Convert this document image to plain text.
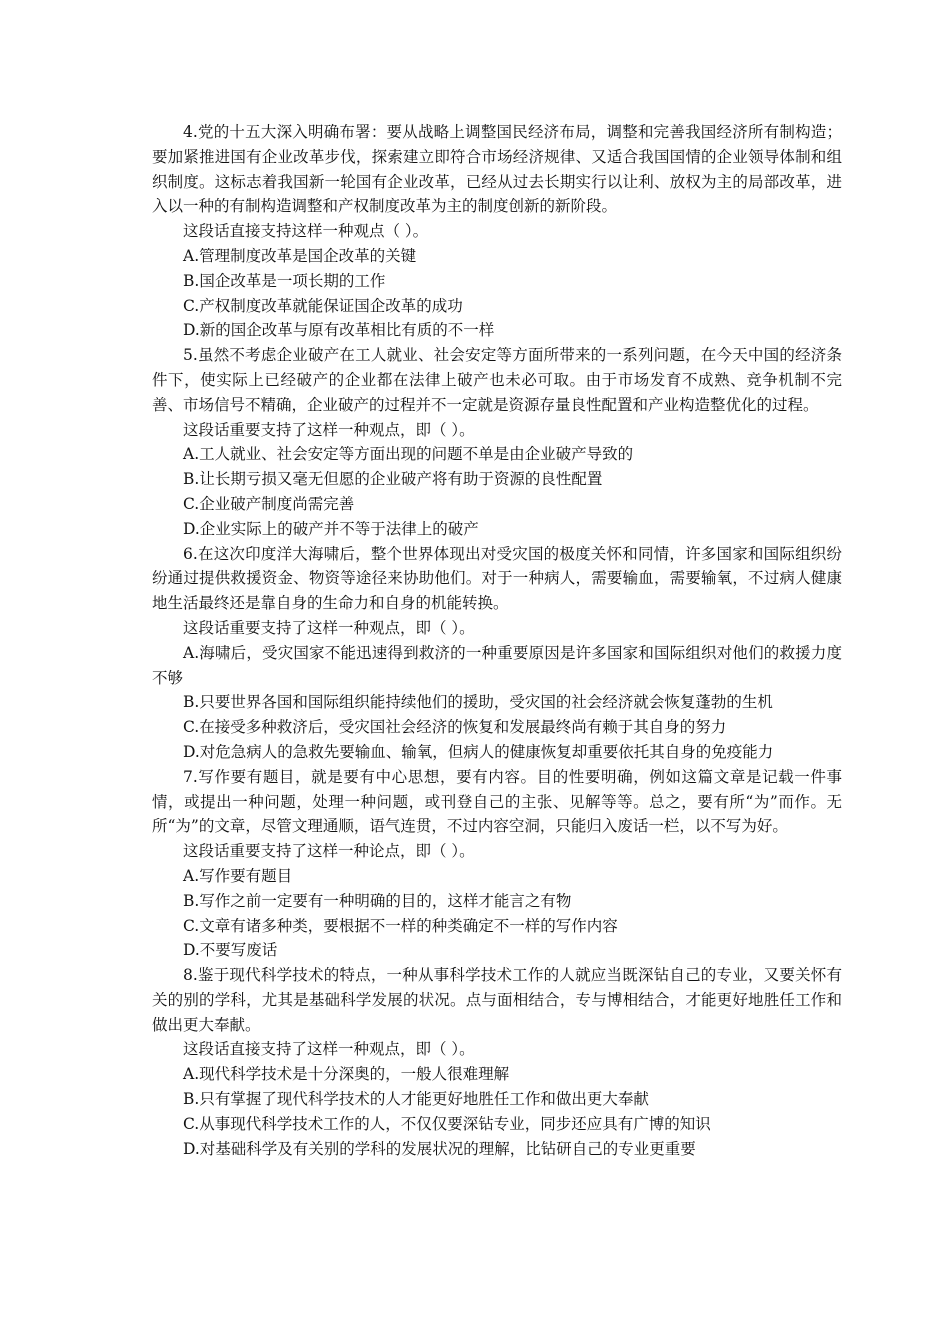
4.党的十五大深入明确布署：要从战略上调整国民经济布局，调整和完善我国经济所有制构造；要加紧推进国有企业改革步伐，探索建立即符合市场经济规律、又适合我国国情的企业领导体制和组织制度。这标志着我国新一轮国有企业改革，已经从过去长期实行以让利、放权为主的局部改革，进入以一种的有制构造调整和产权制度改革为主的制度创新的新阶段。

这段话直接支持这样一种观点（ ）。

A.管理制度改革是国企改革的关键

B.国企改革是一项长期的工作

C.产权制度改革就能保证国企改革的成功

D.新的国企改革与原有改革相比有质的不一样

5.虽然不考虑企业破产在工人就业、社会安定等方面所带来的一系列问题，在今天中国的经济条件下，使实际上已经破产的企业都在法律上破产也未必可取。由于市场发育不成熟、竞争机制不完善、市场信号不精确，企业破产的过程并不一定就是资源存量良性配置和产业构造整优化的过程。

这段话重要支持了这样一种观点，即（ ）。

A.工人就业、社会安定等方面出现的问题不单是由企业破产导致的

B.让长期亏损又毫无但愿的企业破产将有助于资源的良性配置

C.企业破产制度尚需完善

D.企业实际上的破产并不等于法律上的破产

6.在这次印度洋大海啸后，整个世界体现出对受灾国的极度关怀和同情，许多国家和国际组织纷纷通过提供救援资金、物资等途径来协助他们。对于一种病人，需要输血，需要输氧，不过病人健康地生活最终还是靠自身的生命力和自身的机能转换。

这段话重要支持了这样一种观点，即（ ）。

A.海啸后，受灾国家不能迅速得到救济的一种重要原因是许多国家和国际组织对他们的救援力度不够

B.只要世界各国和国际组织能持续他们的援助，受灾国的社会经济就会恢复蓬勃的生机

C.在接受多种救济后，受灾国社会经济的恢复和发展最终尚有赖于其自身的努力

D.对危急病人的急救先要输血、输氧，但病人的健康恢复却重要依托其自身的免疫能力

7.写作要有题目，就是要有中心思想，要有内容。目的性要明确，例如这篇文章是记载一件事情，或提出一种问题，处理一种问题，或刊登自己的主张、见解等等。总之，要有所“为”而作。无所“为”的文章，尽管文理通顺，语气连贯，不过内容空洞，只能归入废话一栏，以不写为好。

这段话重要支持了这样一种论点，即（ ）。

A.写作要有题目

B.写作之前一定要有一种明确的目的，这样才能言之有物

C.文章有诸多种类，要根据不一样的种类确定不一样的写作内容

D.不要写废话

8.鉴于现代科学技术的特点，一种从事科学技术工作的人就应当既深钻自己的专业，又要关怀有关的别的学科，尤其是基础科学发展的状况。点与面相结合，专与博相结合，才能更好地胜任工作和做出更大奉献。

这段话直接支持了这样一种观点，即（ ）。

A.现代科学技术是十分深奥的，一般人很难理解

B.只有掌握了现代科学技术的人才能更好地胜任工作和做出更大奉献

C.从事现代科学技术工作的人，不仅仅要深钻专业，同步还应具有广博的知识

D.对基础科学及有关别的学科的发展状况的理解，比钻研自己的专业更重要
